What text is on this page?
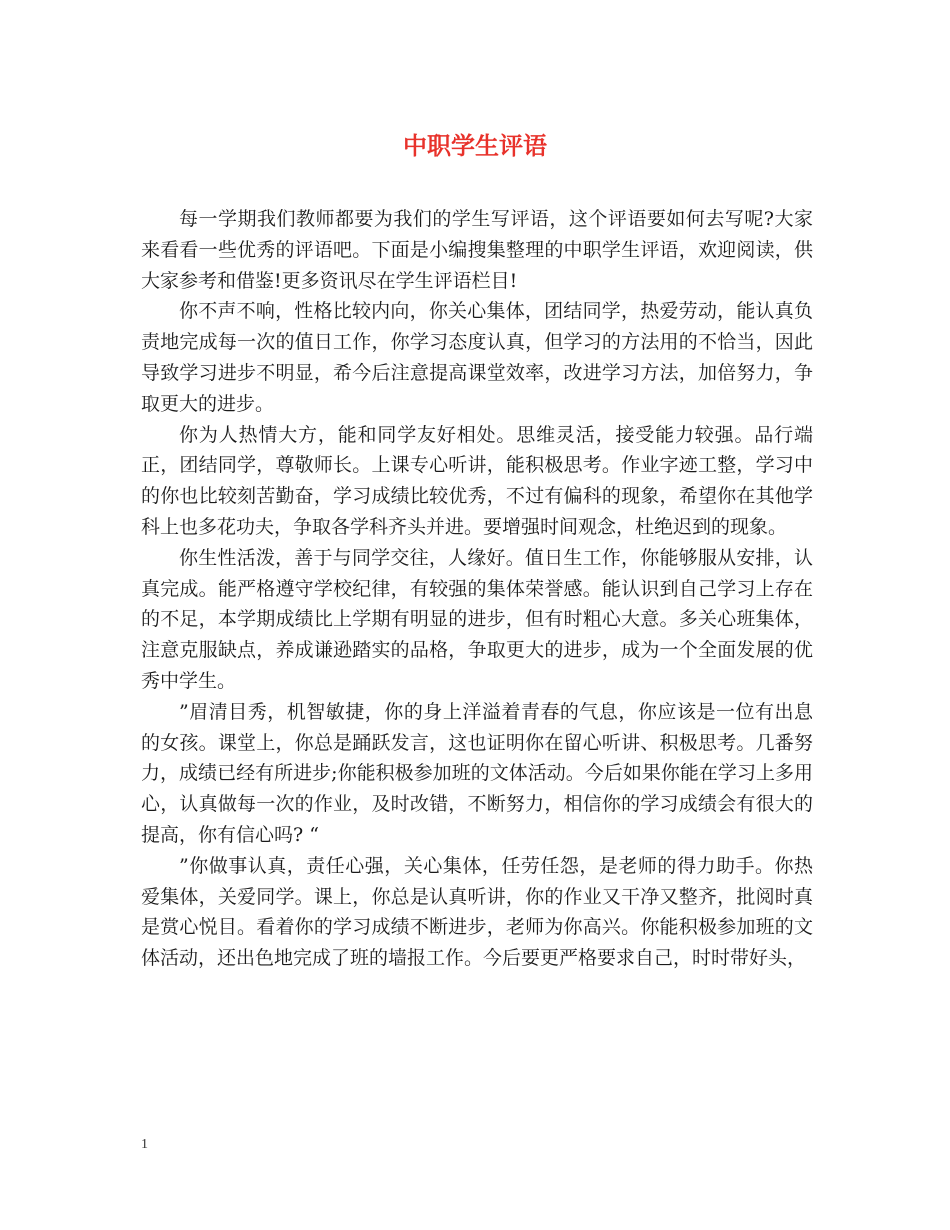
中职学生评语

每一学期我们教师都要为我们的学生写评语，这个评语要如何去写呢?大家来看看一些优秀的评语吧。下面是小编搜集整理的中职学生评语，欢迎阅读，供大家参考和借鉴!更多资讯尽在学生评语栏目!

你不声不响，性格比较内向，你关心集体，团结同学，热爱劳动，能认真负责地完成每一次的值日工作，你学习态度认真，但学习的方法用的不恰当，因此导致学习进步不明显，希今后注意提高课堂效率，改进学习方法，加倍努力，争取更大的进步。

你为人热情大方，能和同学友好相处。思维灵活，接受能力较强。品行端正，团结同学，尊敬师长。上课专心听讲，能积极思考。作业字迹工整，学习中的你也比较刻苦勤奋，学习成绩比较优秀，不过有偏科的现象，希望你在其他学科上也多花功夫，争取各学科齐头并进。要增强时间观念，杜绝迟到的现象。

你生性活泼，善于与同学交往，人缘好。值日生工作，你能够服从安排，认真完成。能严格遵守学校纪律，有较强的集体荣誉感。能认识到自己学习上存在的不足，本学期成绩比上学期有明显的进步，但有时粗心大意。多关心班集体，注意克服缺点，养成谦逊踏实的品格，争取更大的进步，成为一个全面发展的优秀中学生。

”眉清目秀，机智敏捷，你的身上洋溢着青春的气息，你应该是一位有出息的女孩。课堂上，你总是踊跃发言，这也证明你在留心听讲、积极思考。几番努力，成绩已经有所进步;你能积极参加班的文体活动。今后如果你能在学习上多用心，认真做每一次的作业，及时改错，不断努力，相信你的学习成绩会有很大的提高，你有信心吗? “

”你做事认真，责任心强，关心集体，任劳任怨，是老师的得力助手。你热爱集体，关爱同学。课上，你总是认真听讲，你的作业又干净又整齐，批阅时真是赏心悦目。看着你的学习成绩不断进步，老师为你高兴。你能积极参加班的文体活动，还出色地完成了班的墙报工作。今后要更严格要求自己，时时带好头，

1
